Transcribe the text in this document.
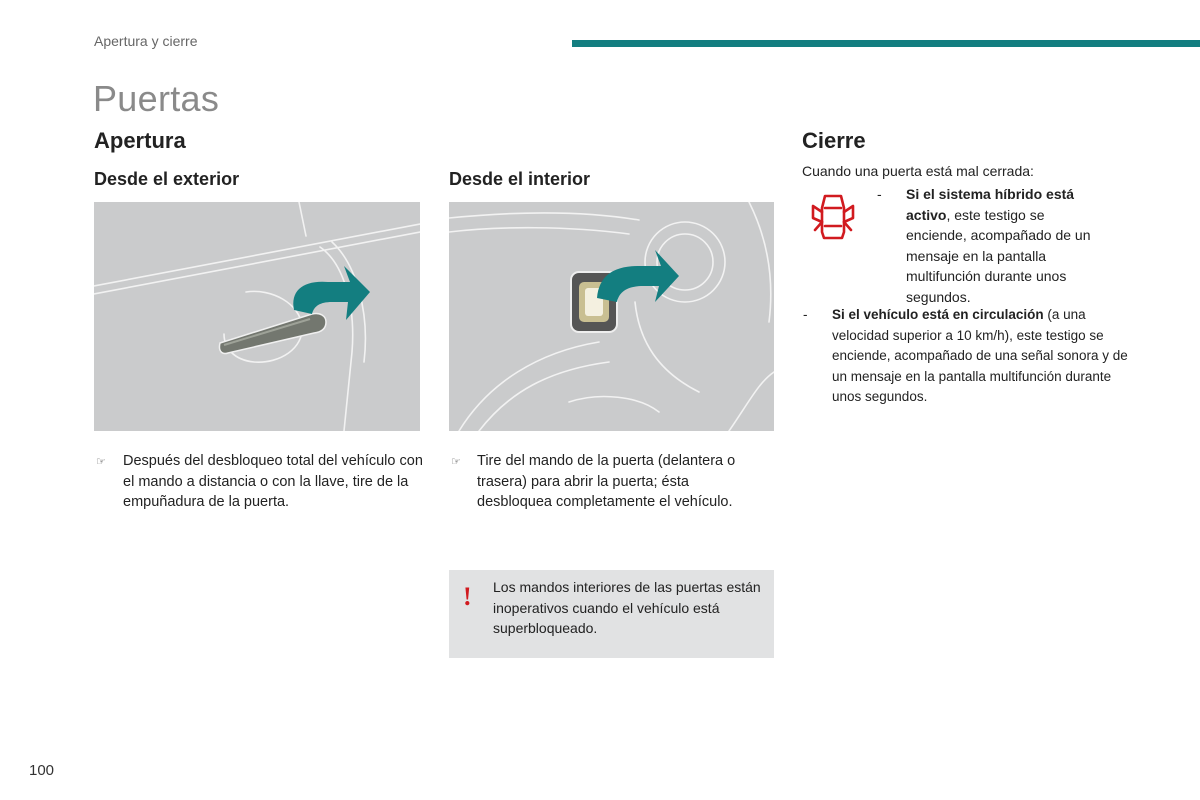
Apertura y cierre
Puertas
Apertura
Desde el exterior	Desde el interior
☞ Después del desbloqueo total del vehículo con el mando a distancia o con la llave, tire de la empuñadura de la puerta.
☞ Tire del mando de la puerta (delantera o trasera) para abrir la puerta; ésta desbloquea completamente el vehículo.
! Los mandos interiores de las puertas están inoperativos cuando el vehículo está superbloqueado.
Cierre
Cuando una puerta está mal cerrada:
- Si el sistema híbrido está activo, este testigo se enciende, acompañado de un mensaje en la pantalla multifunción durante unos segundos.
- Si el vehículo está en circulación (a una velocidad superior a 10 km/h), este testigo se enciende, acompañado de una señal sonora y de un mensaje en la pantalla multifunción durante unos segundos.
100
